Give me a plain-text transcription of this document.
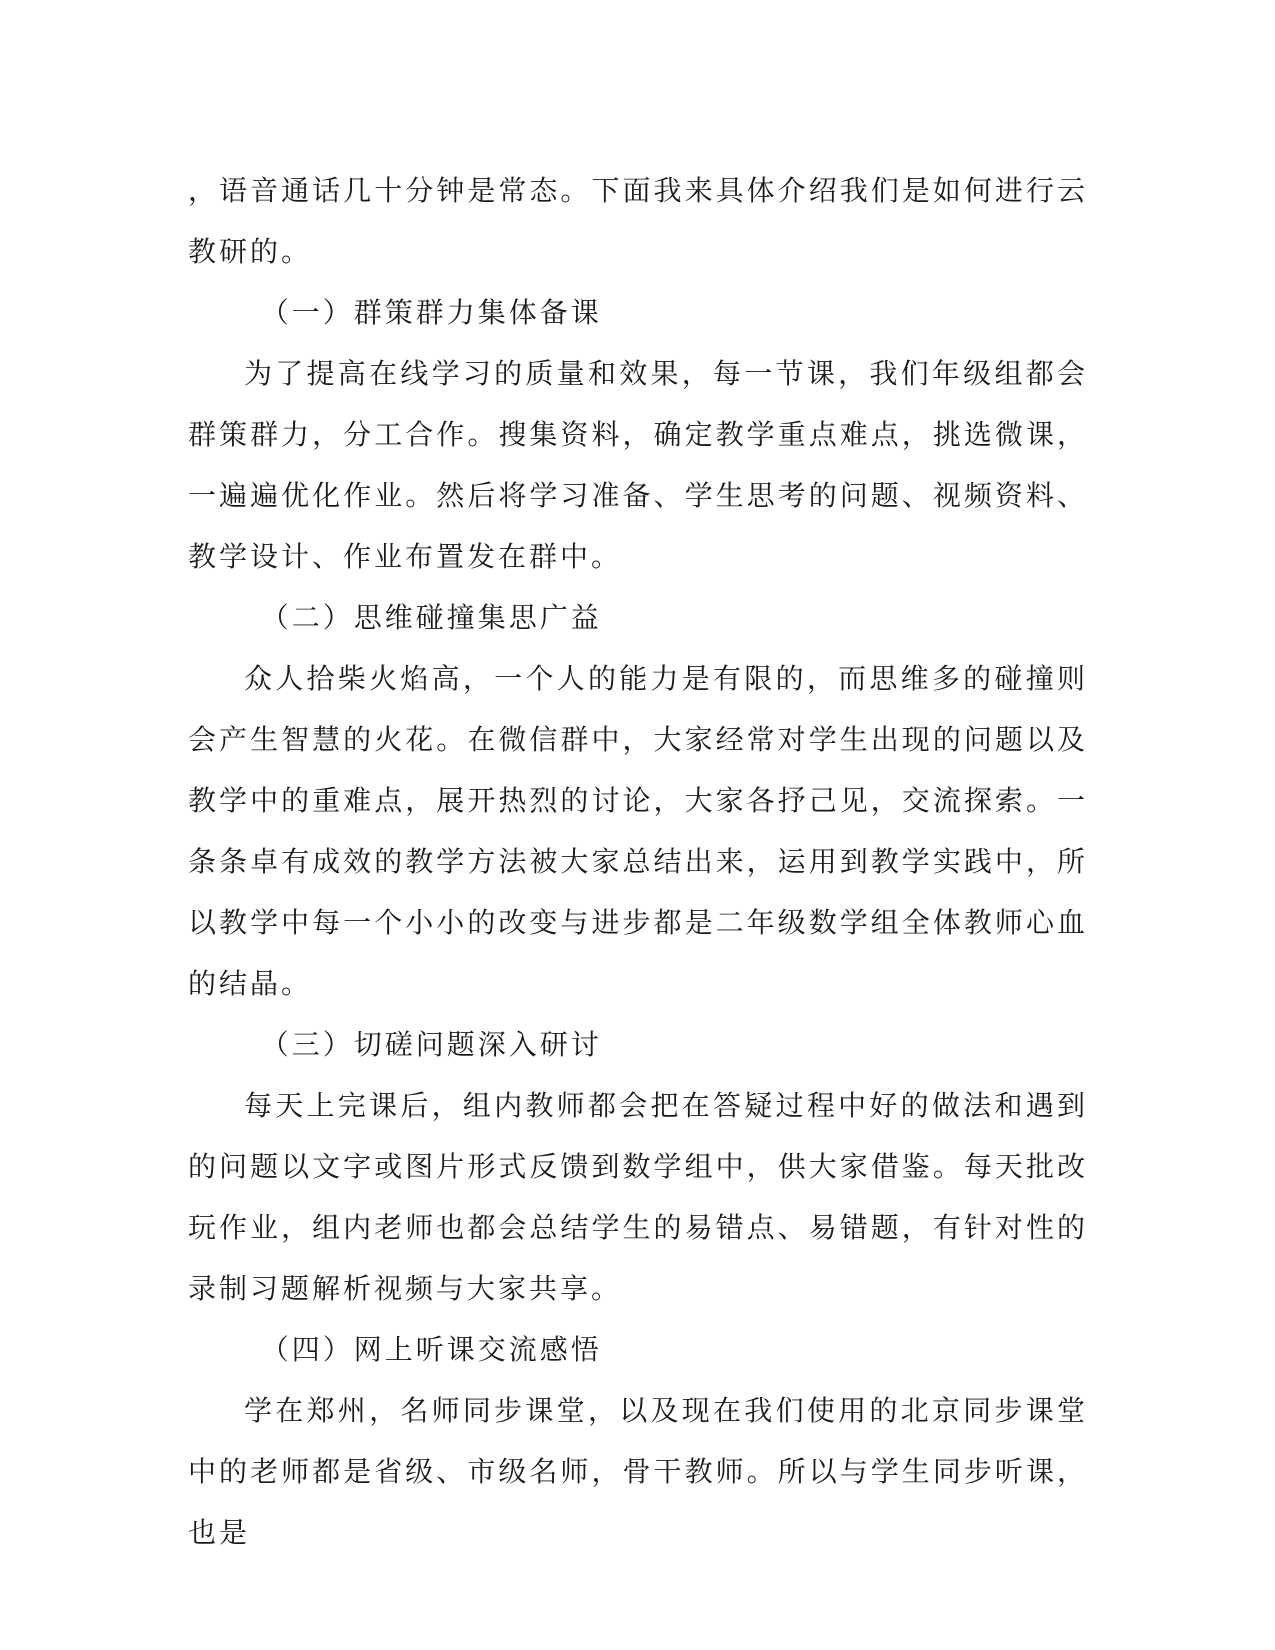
，语音通话几十分钟是常态。下面我来具体介绍我们是如何进行云教研的。

（一）群策群力集体备课

为了提高在线学习的质量和效果，每一节课，我们年级组都会群策群力，分工合作。搜集资料，确定教学重点难点，挑选微课，一遍遍优化作业。然后将学习准备、学生思考的问题、视频资料、教学设计、作业布置发在群中。

（二）思维碰撞集思广益

众人拾柴火焰高，一个人的能力是有限的，而思维多的碰撞则会产生智慧的火花。在微信群中，大家经常对学生出现的问题以及教学中的重难点，展开热烈的讨论，大家各抒己见，交流探索。一条条卓有成效的教学方法被大家总结出来，运用到教学实践中，所以教学中每一个小小的改变与进步都是二年级数学组全体教师心血的结晶。

（三）切磋问题深入研讨

每天上完课后，组内教师都会把在答疑过程中好的做法和遇到的问题以文字或图片形式反馈到数学组中，供大家借鉴。每天批改玩作业，组内老师也都会总结学生的易错点、易错题，有针对性的录制习题解析视频与大家共享。

（四）网上听课交流感悟

学在郑州，名师同步课堂，以及现在我们使用的北京同步课堂中的老师都是省级、市级名师，骨干教师。所以与学生同步听课，也是
